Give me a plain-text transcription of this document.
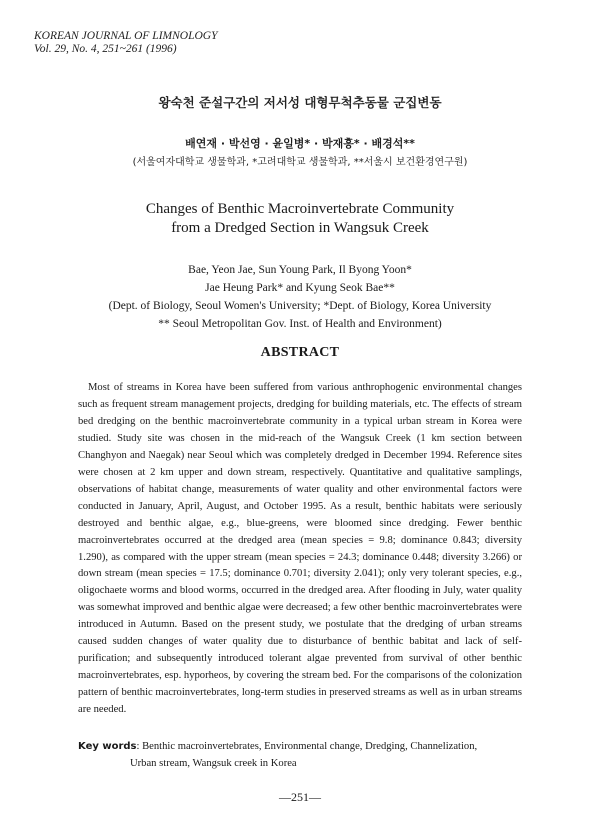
KOREAN JOURNAL OF LIMNOLOGY
Vol. 29, No. 4, 251~261 (1996)
왕숙천 준설구간의 저서성 대형무척추동물 군집변동
배연재 · 박선영 · 윤일병* · 박재흥* · 배경석**
(서울여자대학교 생물학과, *고려대학교 생물학과, **서울시 보건환경연구원)
Changes of Benthic Macroinvertebrate Community
from a Dredged Section in Wangsuk Creek
Bae, Yeon Jae, Sun Young Park, Il Byong Yoon*
Jae Heung Park* and Kyung Seok Bae**
(Dept. of Biology, Seoul Women's University; *Dept. of Biology, Korea University
** Seoul Metropolitan Gov. Inst. of Health and Environment)
ABSTRACT

Most of streams in Korea have been suffered from various anthrophogenic environmental changes such as frequent stream management projects, dredging for building materials, etc. The effects of stream bed dredging on the benthic macroinvertebrate community in a typical urban stream in Korea were studied. Study site was chosen in the mid-reach of the Wangsuk Creek (1 km section between Changhyon and Naegak) near Seoul which was completely dredged in December 1994. Reference sites were chosen at 2 km upper and down stream, respectively. Quantitative and qualitative samplings, observations of habitat change, measurements of water quality and other environmental factors were conducted in January, April, August, and October 1995. As a result, benthic habitats were seriously destroyed and benthic algae, e.g., blue-greens, were bloomed since dredging. Fewer benthic macroinvertebrates occurred at the dredged area (mean species = 9.8; dominance 0.843; diversity 1.290), as compared with the upper stream (mean species = 24.3; dominance 0.448; diversity 3.266) or down stream (mean species = 17.5; dominance 0.701; diversity 2.041); only very tolerant species, e.g., oligochaete worms and blood worms, occurred in the dredged area. After flooding in July, water quality was somewhat improved and benthic algae were decreased; a few other benthic macroinvertebrates were introduced in Autumn. Based on the present study, we postulate that the dredging of urban streams caused sudden changes of water quality due to disturbance of benthic babitat and lack of self-purification; and subsequently introduced tolerant algae prevented from survival of other benthic macroinvertebrates, esp. hyporheos, by covering the stream bed. For the comparisons of the colonization pattern of benthic macroinvertebrates, long-term studies in preserved streams as well as in urban streams are needed.

Key words: Benthic macroinvertebrates, Environmental change, Dredging, Channelization,
Urban stream, Wangsuk creek in Korea
—251—
